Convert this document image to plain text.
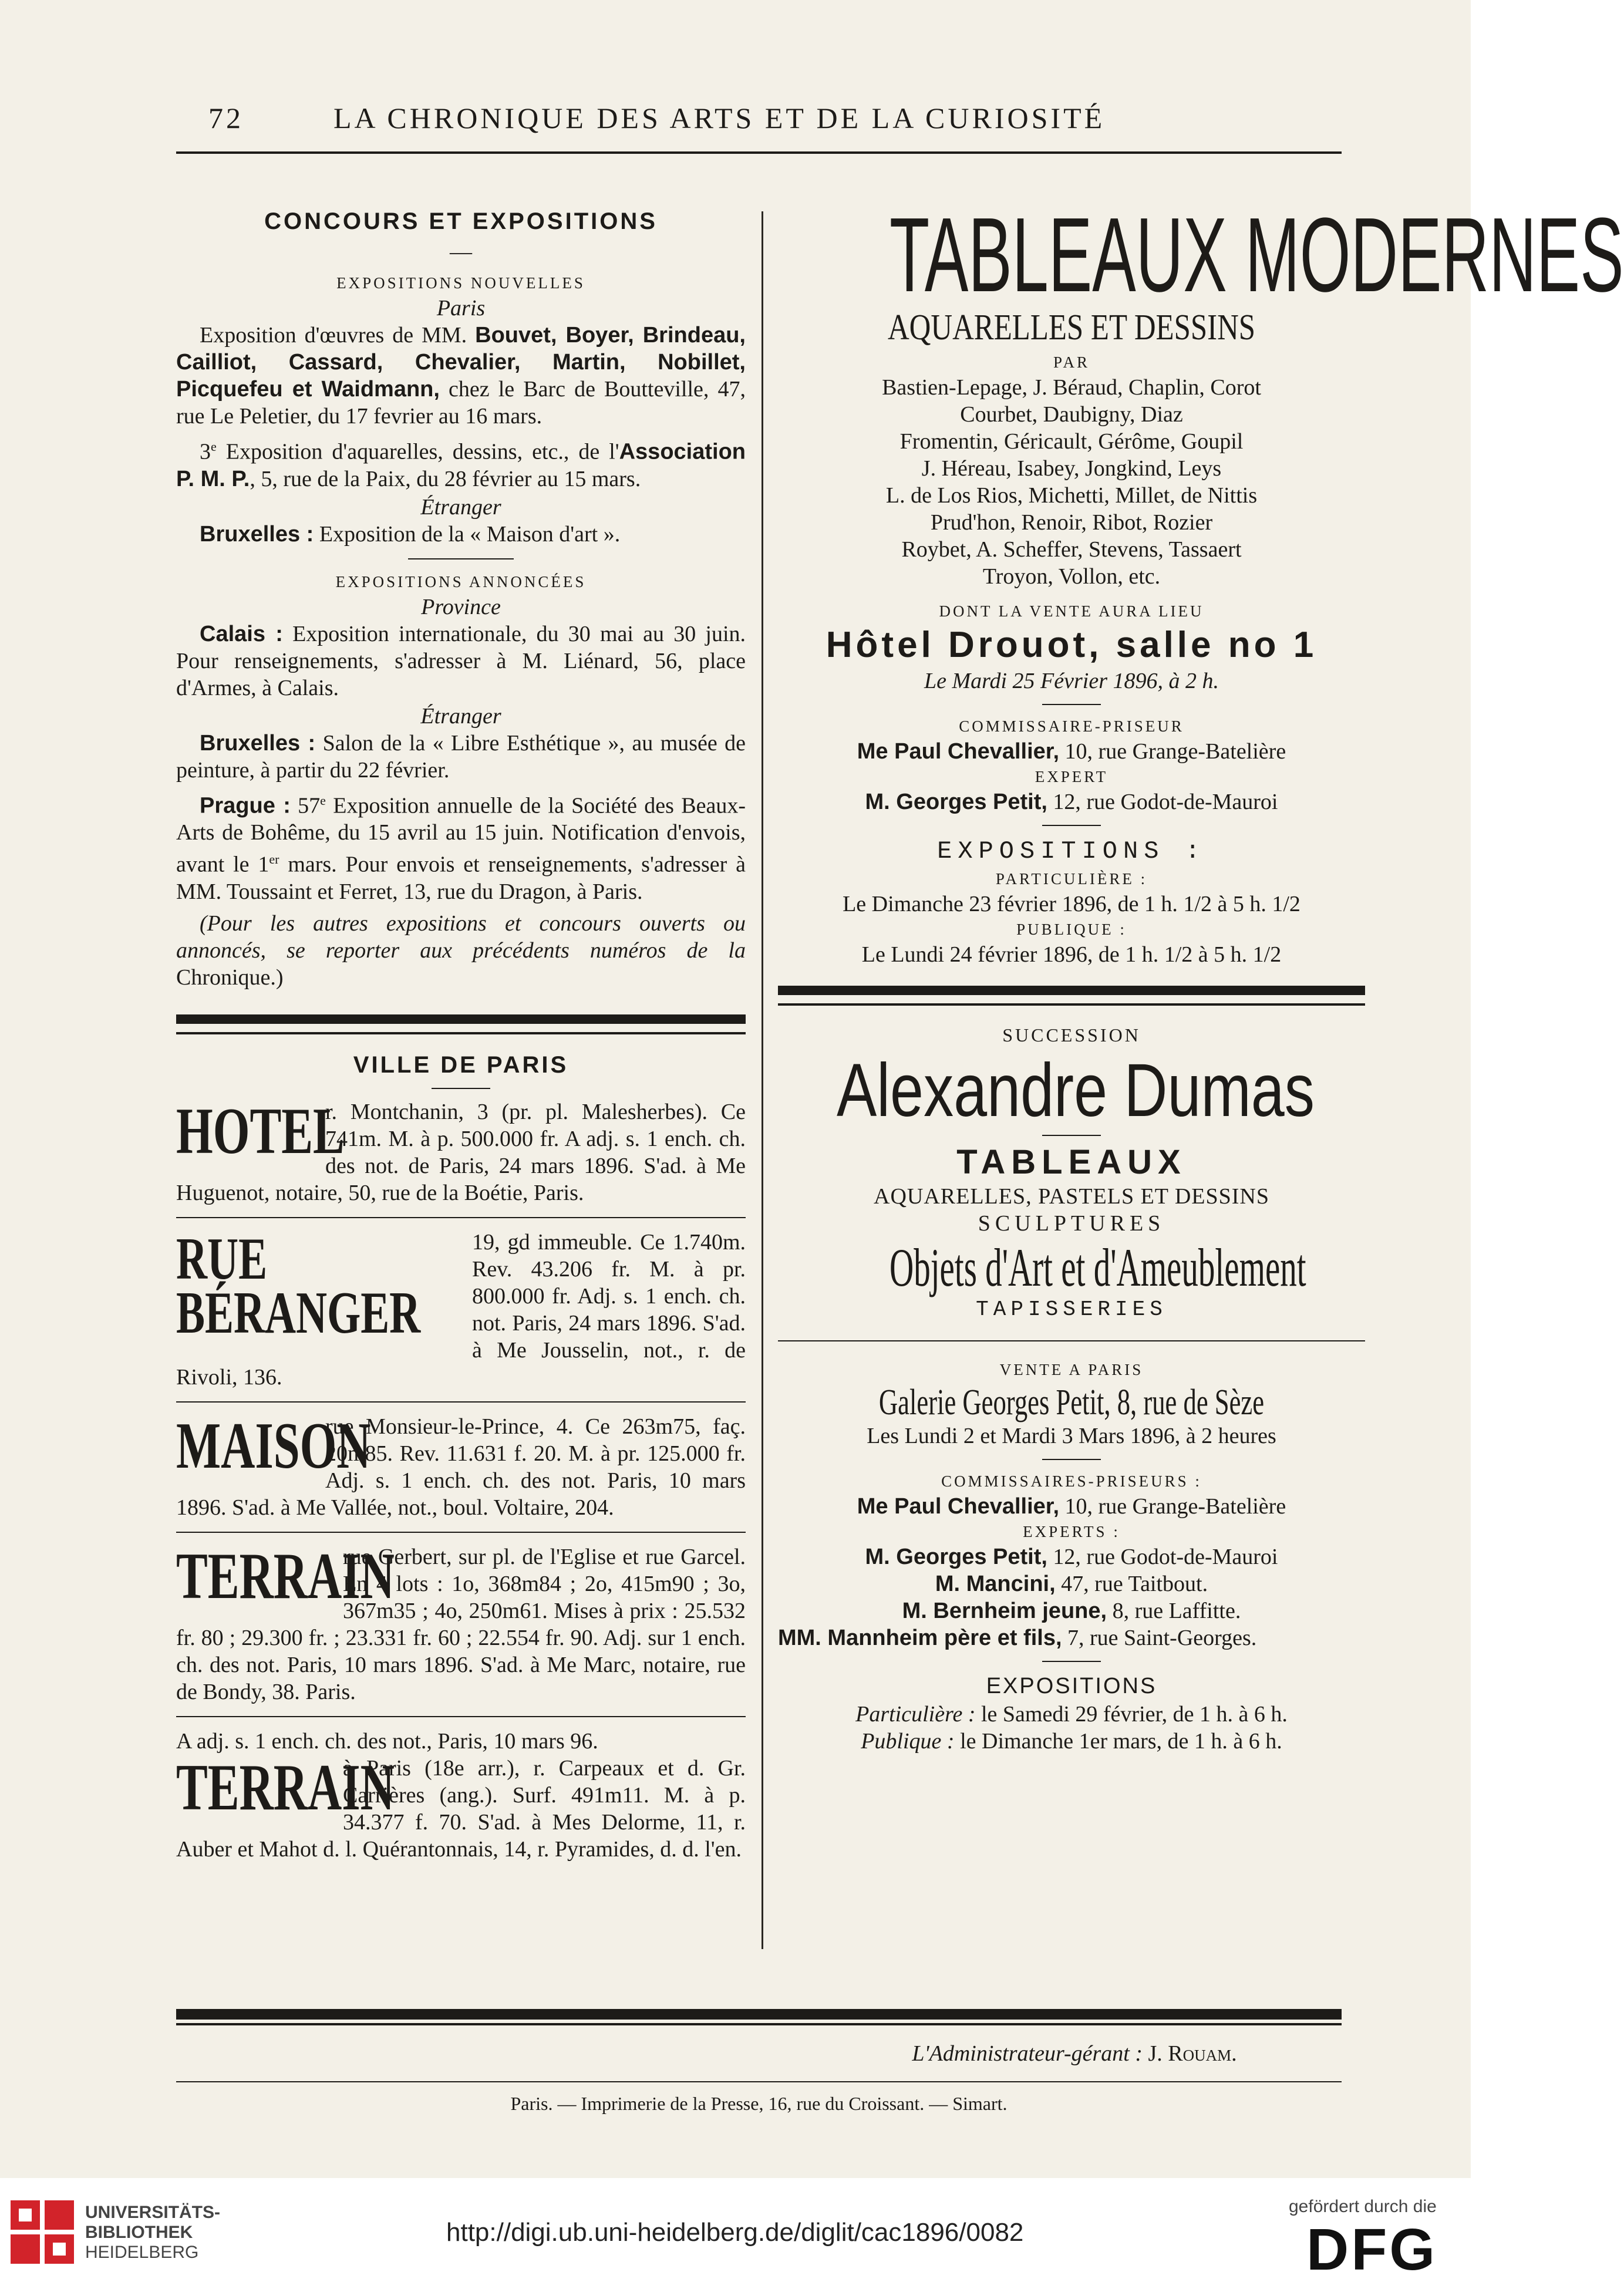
72	LA CHRONIQUE DES ARTS ET DE LA CURIOSITÉ
CONCOURS ET EXPOSITIONS
—
EXPOSITIONS NOUVELLES
Paris

Exposition d'œuvres de MM. Bouvet, Boyer, Brindeau, Cailliot, Cassard, Chevalier, Martin, Nobillet, Picquefeu et Waidmann, chez le Barc de Boutteville, 47, rue Le Peletier, du 17 fevrier au 16 mars.

3e Exposition d'aquarelles, dessins, etc., de l'Association P. M. P., 5, rue de la Paix, du 28 février au 15 mars.

Étranger

Bruxelles : Exposition de la « Maison d'art ».

EXPOSITIONS ANNONCÉES
Province

Calais : Exposition internationale, du 30 mai au 30 juin. Pour renseignements, s'adresser à M. Liénard, 56, place d'Armes, à Calais.

Étranger

Bruxelles : Salon de la « Libre Esthétique », au musée de peinture, à partir du 22 février.

Prague : 57e Exposition annuelle de la Société des Beaux-Arts de Bohême, du 15 avril au 15 juin. Notification d'envois, avant le 1er mars. Pour envois et renseignements, s'adresser à MM. Toussaint et Ferret, 13, rue du Dragon, à Paris.

(Pour les autres expositions et concours ouverts ou annoncés, se reporter aux précédents numéros de la Chronique.)

VILLE DE PARIS
HOTEL

r. Montchanin, 3 (pr. pl. Malesherbes). Ce 741m. M. à p. 500.000 fr. A adj. s. 1 ench. ch. des not. de Paris, 24 mars 1896. S'ad. à Me Huguenot, notaire, 50, rue de la Boétie, Paris.

RUE BÉRANGER

19, gd immeuble. Ce 1.740m. Rev. 43.206 fr. M. à pr. 800.000 fr. Adj. s. 1 ench. ch. not. Paris, 24 mars 1896. S'ad. à Me Jousselin, not., r. de Rivoli, 136.

MAISON

rue Monsieur-le-Prince, 4. Ce 263m75, faç. 20m85. Rev. 11.631 f. 20. M. à pr. 125.000 fr. Adj. s. 1 ench. ch. des not. Paris, 10 mars 1896. S'ad. à Me Vallée, not., boul. Voltaire, 204.

TERRAIN

rue Gerbert, sur pl. de l'Eglise et rue Garcel. En 4 lots : 1o, 368m84 ; 2o, 415m90 ; 3o, 367m35 ; 4o, 250m61. Mises à prix : 25.532 fr. 80 ; 29.300 fr. ; 23.331 fr. 60 ; 22.554 fr. 90. Adj. sur 1 ench. ch. des not. Paris, 10 mars 1896. S'ad. à Me Marc, notaire, rue de Bondy, 38. Paris.

A adj. s. 1 ench. ch. des not., Paris, 10 mars 96.

TERRAIN

à Paris (18e arr.), r. Carpeaux et d. Gr. Carrières (ang.). Surf. 491m11. M. à p. 34.377 f. 70. S'ad. à Mes Delorme, 11, r. Auber et Mahot d. l. Quérantonnais, 14, r. Pyramides, d. d. l'en.

TABLEAUX MODERNES
AQUARELLES ET DESSINS
PAR
Bastien-Lepage, J. Béraud, Chaplin, Corot
Courbet, Daubigny, Diaz
Fromentin, Géricault, Gérôme, Goupil
J. Héreau, Isabey, Jongkind, Leys
L. de Los Rios, Michetti, Millet, de Nittis
Prud'hon, Renoir, Ribot, Rozier
Roybet, A. Scheffer, Stevens, Tassaert
Troyon, Vollon, etc.
DONT LA VENTE AURA LIEU
Hôtel Drouot, salle no 1
Le Mardi 25 Février 1896, à 2 h.
COMMISSAIRE-PRISEUR
Me Paul Chevallier, 10, rue Grange-Batelière
EXPERT
M. Georges Petit, 12, rue Godot-de-Mauroi
EXPOSITIONS :
PARTICULIÈRE :
Le Dimanche 23 février 1896, de 1 h. 1/2 à 5 h. 1/2
PUBLIQUE :
Le Lundi 24 février 1896, de 1 h. 1/2 à 5 h. 1/2
SUCCESSION
Alexandre Dumas
TABLEAUX
AQUARELLES, PASTELS ET DESSINS
SCULPTURES
Objets d'Art et d'Ameublement
TAPISSERIES
VENTE A PARIS
Galerie Georges Petit, 8, rue de Sèze
Les Lundi 2 et Mardi 3 Mars 1896, à 2 heures
COMMISSAIRES-PRISEURS :
Me Paul Chevallier, 10, rue Grange-Batelière
EXPERTS :
M. Georges Petit, 12, rue Godot-de-Mauroi
M. Mancini, 47, rue Taitbout.
M. Bernheim jeune, 8, rue Laffitte.
MM. Mannheim père et fils, 7, rue Saint-Georges.
EXPOSITIONS
Particulière : le Samedi 29 février, de 1 h. à 6 h.
Publique : le Dimanche 1er mars, de 1 h. à 6 h.
L'Administrateur-gérant : J. Rouam.
Paris. — Imprimerie de la Presse, 16, rue du Croissant. — Simart.
UNIVERSITÄTS-
BIBLIOTHEK
HEIDELBERG
http://digi.ub.uni-heidelberg.de/diglit/cac1896/0082
gefördert durch die
DFG
